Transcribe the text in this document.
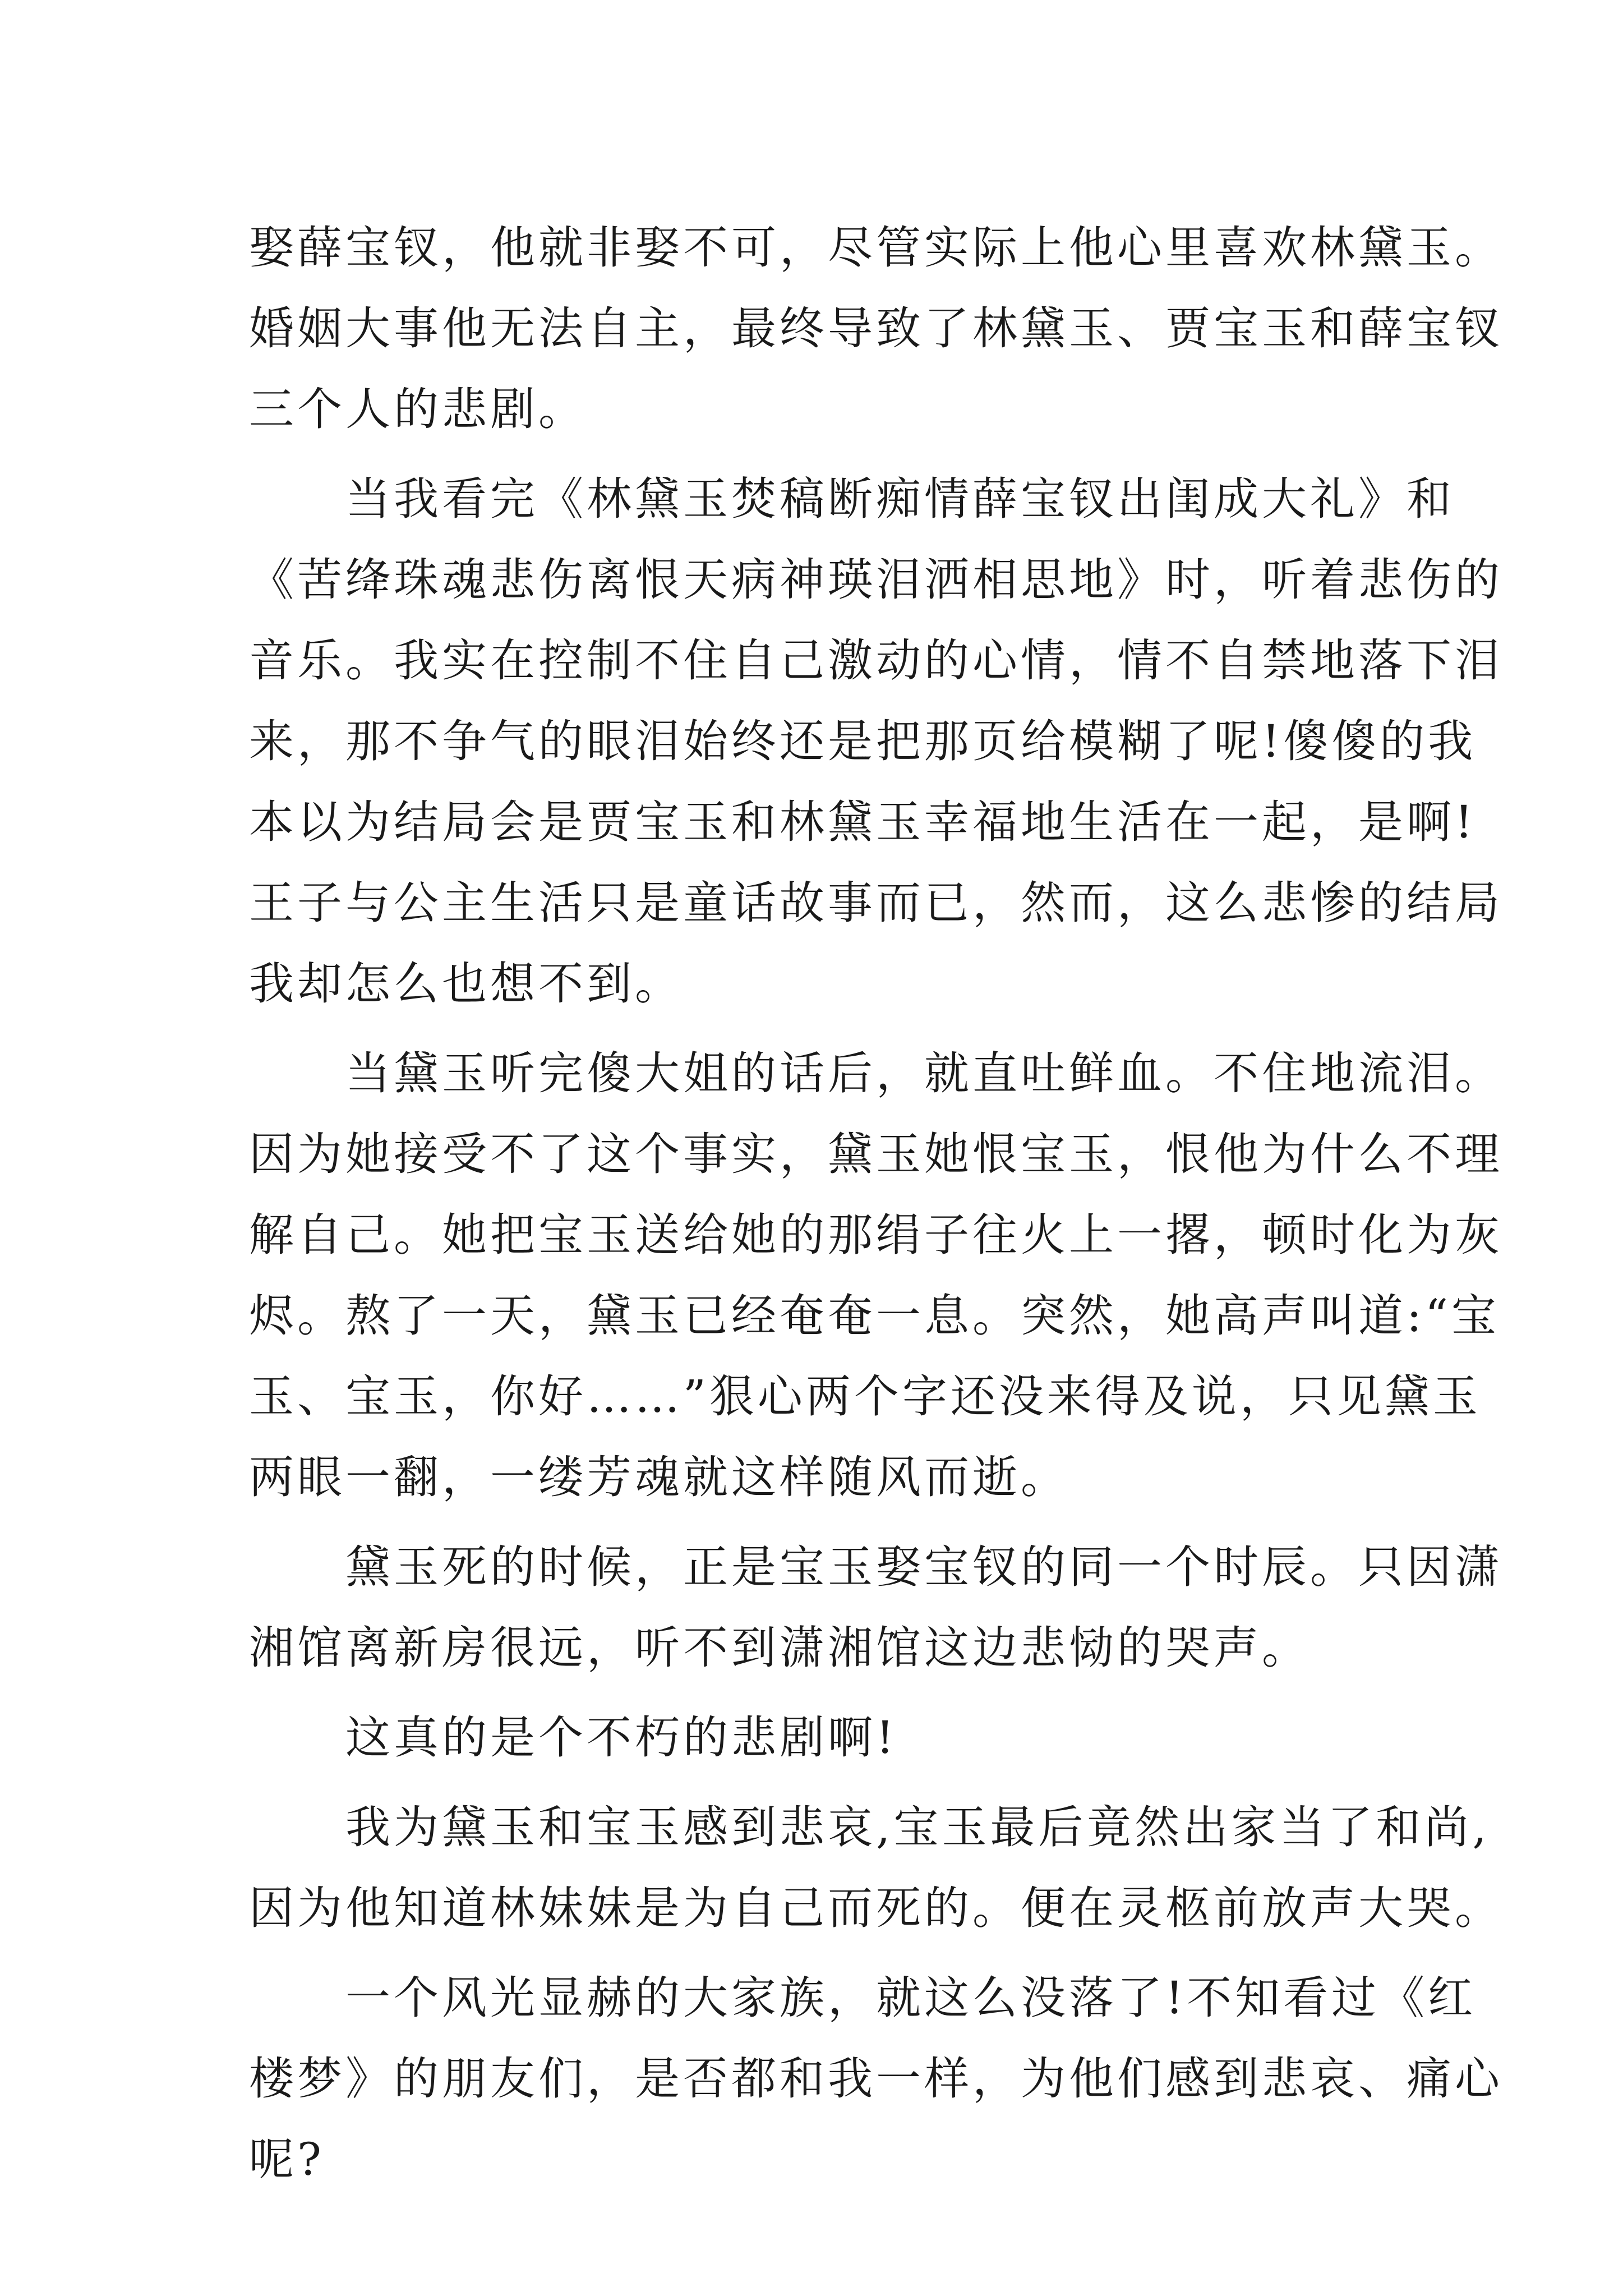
娶薛宝钗，他就非娶不可，尽管实际上他心里喜欢林黛玉。
婚姻大事他无法自主，最终导致了林黛玉、贾宝玉和薛宝钗
三个人的悲剧。
　　当我看完《林黛玉焚稿断痴情薛宝钗出闺成大礼》和
《苦绛珠魂悲伤离恨天病神瑛泪洒相思地》时，听着悲伤的
音乐。我实在控制不住自己激动的心情，情不自禁地落下泪
来，那不争气的眼泪始终还是把那页给模糊了呢!傻傻的我
本以为结局会是贾宝玉和林黛玉幸福地生活在一起，是啊!
王子与公主生活只是童话故事而已，然而，这么悲惨的结局
我却怎么也想不到。
　　当黛玉听完傻大姐的话后，就直吐鲜血。不住地流泪。
因为她接受不了这个事实，黛玉她恨宝玉，恨他为什么不理
解自己。她把宝玉送给她的那绢子往火上一撂，顿时化为灰
烬。熬了一天，黛玉已经奄奄一息。突然，她高声叫道:“宝
玉、宝玉，你好……”狠心两个字还没来得及说，只见黛玉
两眼一翻，一缕芳魂就这样随风而逝。
　　黛玉死的时候，正是宝玉娶宝钗的同一个时辰。只因潇
湘馆离新房很远，听不到潇湘馆这边悲恸的哭声。
　　这真的是个不朽的悲剧啊!
　　我为黛玉和宝玉感到悲哀,宝玉最后竟然出家当了和尚,
因为他知道林妹妹是为自己而死的。便在灵柩前放声大哭。
　　一个风光显赫的大家族，就这么没落了!不知看过《红
楼梦》的朋友们，是否都和我一样，为他们感到悲哀、痛心
呢?
